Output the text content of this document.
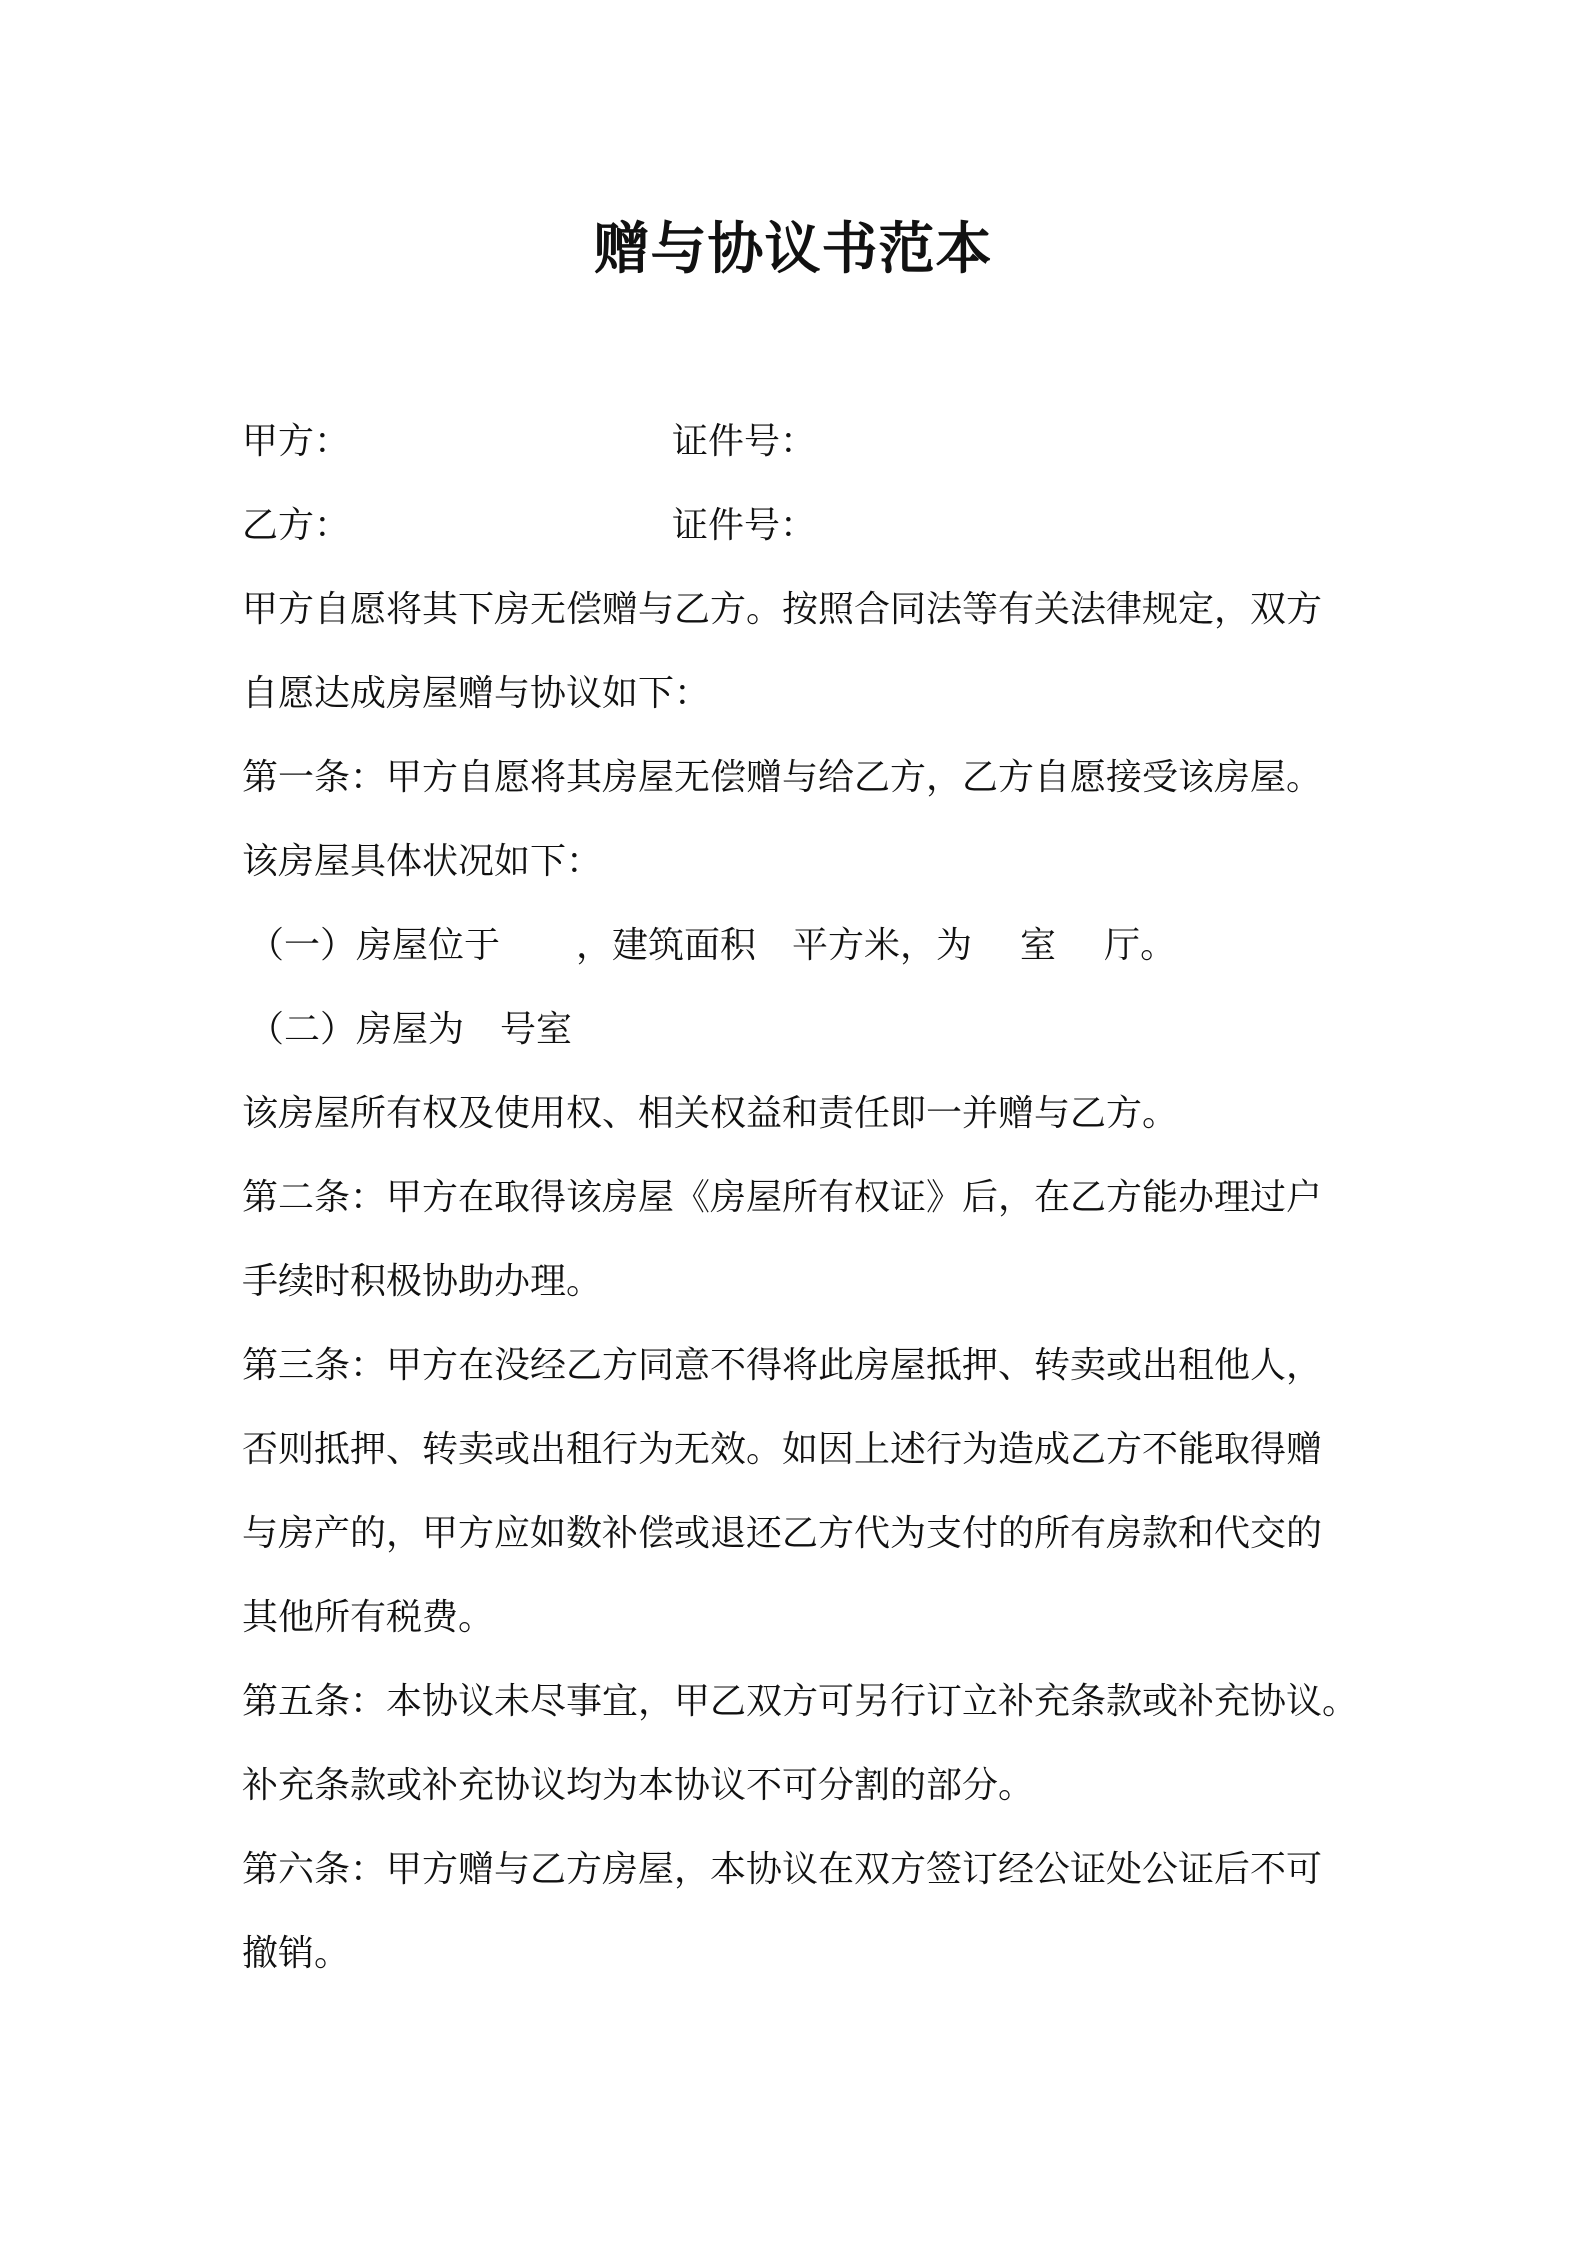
赠与协议书范本
甲方：	证件号：
乙方：	证件号：
甲方自愿将其下房无偿赠与乙方。按照合同法等有关法律规定，双方
自愿达成房屋赠与协议如下：
第一条：甲方自愿将其房屋无偿赠与给乙方，乙方自愿接受该房屋。
该房屋具体状况如下：
（一）房屋位于 ，建筑面积 平方米，为 室 厅。
（二）房屋为 号室
该房屋所有权及使用权、相关权益和责任即一并赠与乙方。
第二条：甲方在取得该房屋《房屋所有权证》后，在乙方能办理过户
手续时积极协助办理。
第三条：甲方在没经乙方同意不得将此房屋抵押、转卖或出租他人，
否则抵押、转卖或出租行为无效。如因上述行为造成乙方不能取得赠
与房产的，甲方应如数补偿或退还乙方代为支付的所有房款和代交的
其他所有税费。
第五条：本协议未尽事宜，甲乙双方可另行订立补充条款或补充协议。
补充条款或补充协议均为本协议不可分割的部分。
第六条：甲方赠与乙方房屋，本协议在双方签订经公证处公证后不可
撤销。
